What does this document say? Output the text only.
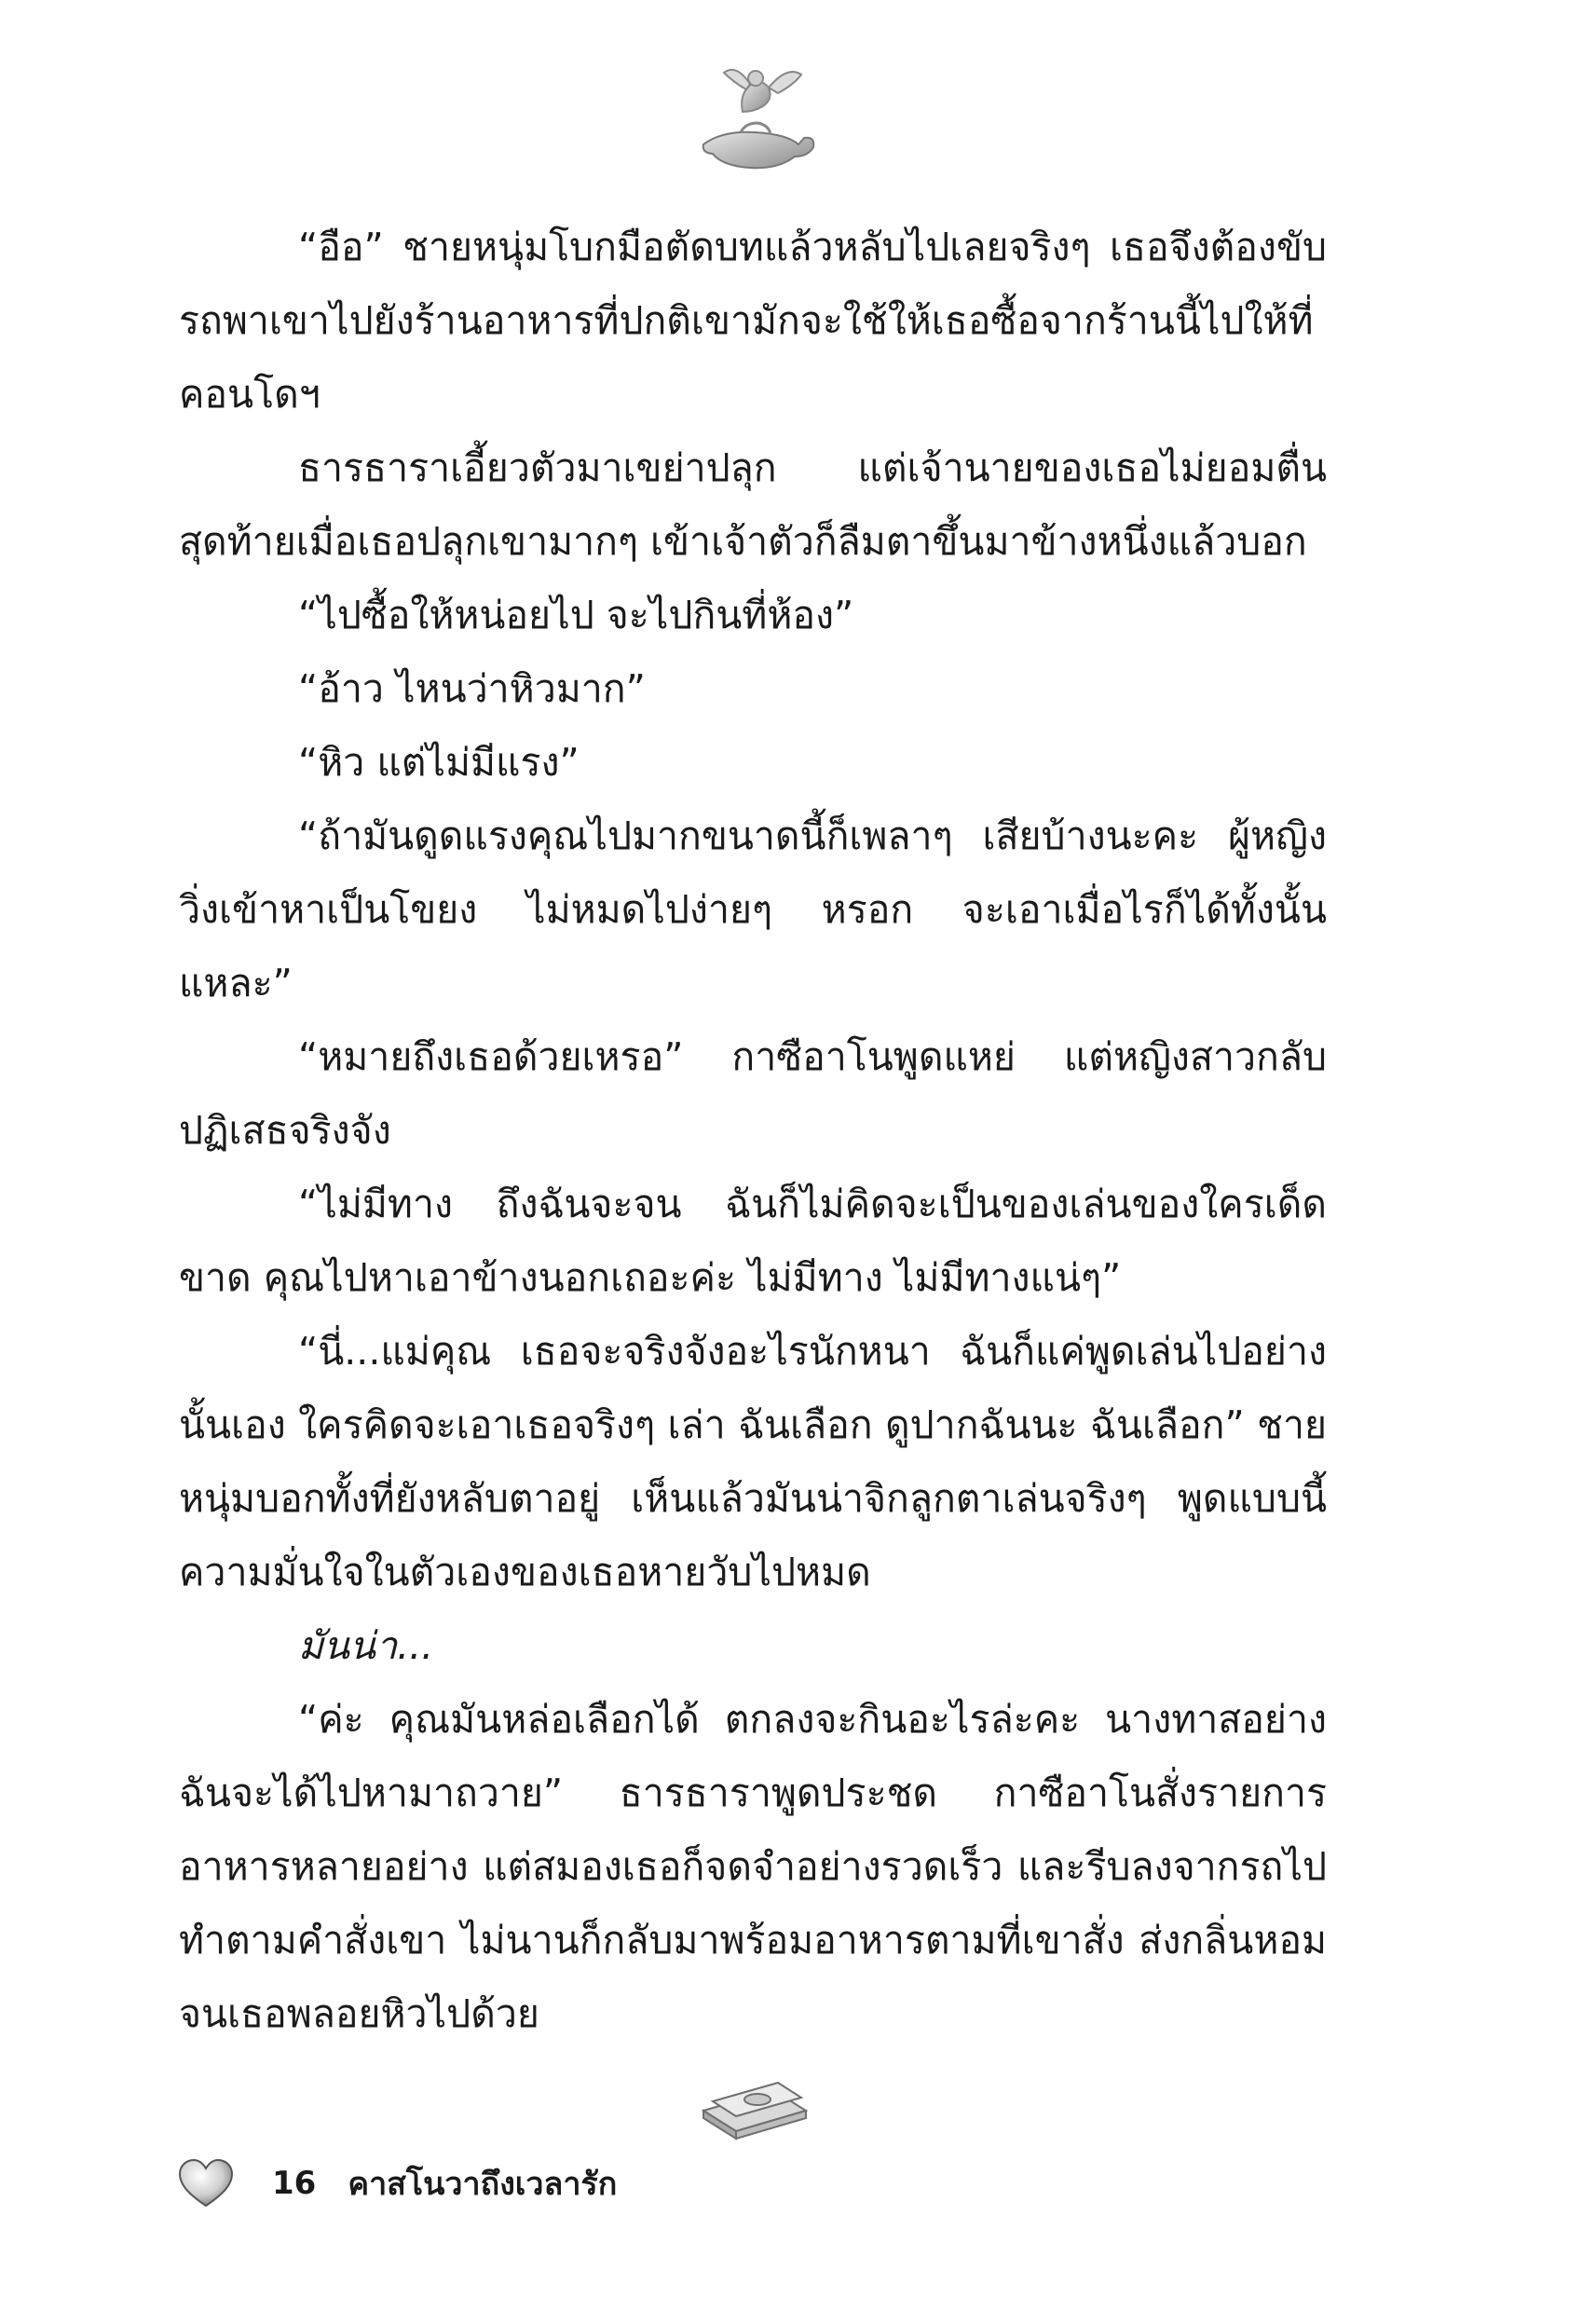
“อือ” ชายหนุ่มโบกมือตัดบทแล้วหลับไปเลยจริงๆ เธอจึงต้องขับรถพาเขาไปยังร้านอาหารที่ปกติเขามักจะใช้ให้เธอซื้อจากร้านนี้ไปให้ที่คอนโดฯ

ธารธาราเอี้ยวตัวมาเขย่าปลุก แต่เจ้านายของเธอไม่ยอมตื่น สุดท้ายเมื่อเธอปลุกเขามากๆ เข้าเจ้าตัวก็ลืมตาขึ้นมาข้างหนึ่งแล้วบอก

“ไปซื้อให้หน่อยไป จะไปกินที่ห้อง”

“อ้าว ไหนว่าหิวมาก”

“หิว แต่ไม่มีแรง”

“ถ้ามันดูดแรงคุณไปมากขนาดนี้ก็เพลาๆ เสียบ้างนะคะ ผู้หญิงวิ่งเข้าหาเป็นโขยง ไม่หมดไปง่ายๆ หรอก จะเอาเมื่อไรก็ได้ทั้งนั้นแหละ”

“หมายถึงเธอด้วยเหรอ” กาซือาโนพูดแหย่ แต่หญิงสาวกลับปฏิเสธจริงจัง

“ไม่มีทาง ถึงฉันจะจน ฉันก็ไม่คิดจะเป็นของเล่นของใครเด็ดขาด คุณไปหาเอาข้างนอกเถอะค่ะ ไม่มีทาง ไม่มีทางแน่ๆ”

“นี่...แม่คุณ เธอจะจริงจังอะไรนักหนา ฉันก็แค่พูดเล่นไปอย่างนั้นเอง ใครคิดจะเอาเธอจริงๆ เล่า ฉันเลือก ดูปากฉันนะ ฉันเลือก” ชายหนุ่มบอกทั้งที่ยังหลับตาอยู่ เห็นแล้วมันน่าจิกลูกตาเล่นจริงๆ พูดแบบนี้ ความมั่นใจในตัวเองของเธอหายวับไปหมด

มันน่า...

“ค่ะ คุณมันหล่อเลือกได้ ตกลงจะกินอะไรล่ะคะ นางทาสอย่างฉันจะได้ไปหามาถวาย” ธารธาราพูดประชด กาซือาโนสั่งรายการอาหารหลายอย่าง แต่สมองเธอก็จดจำอย่างรวดเร็ว และรีบลงจากรถไปทำตามคำสั่งเขา ไม่นานก็กลับมาพร้อมอาหารตามที่เขาสั่ง ส่งกลิ่นหอมจนเธอพลอยหิวไปด้วย

16 คาสโนวาถึงเวลารัก
